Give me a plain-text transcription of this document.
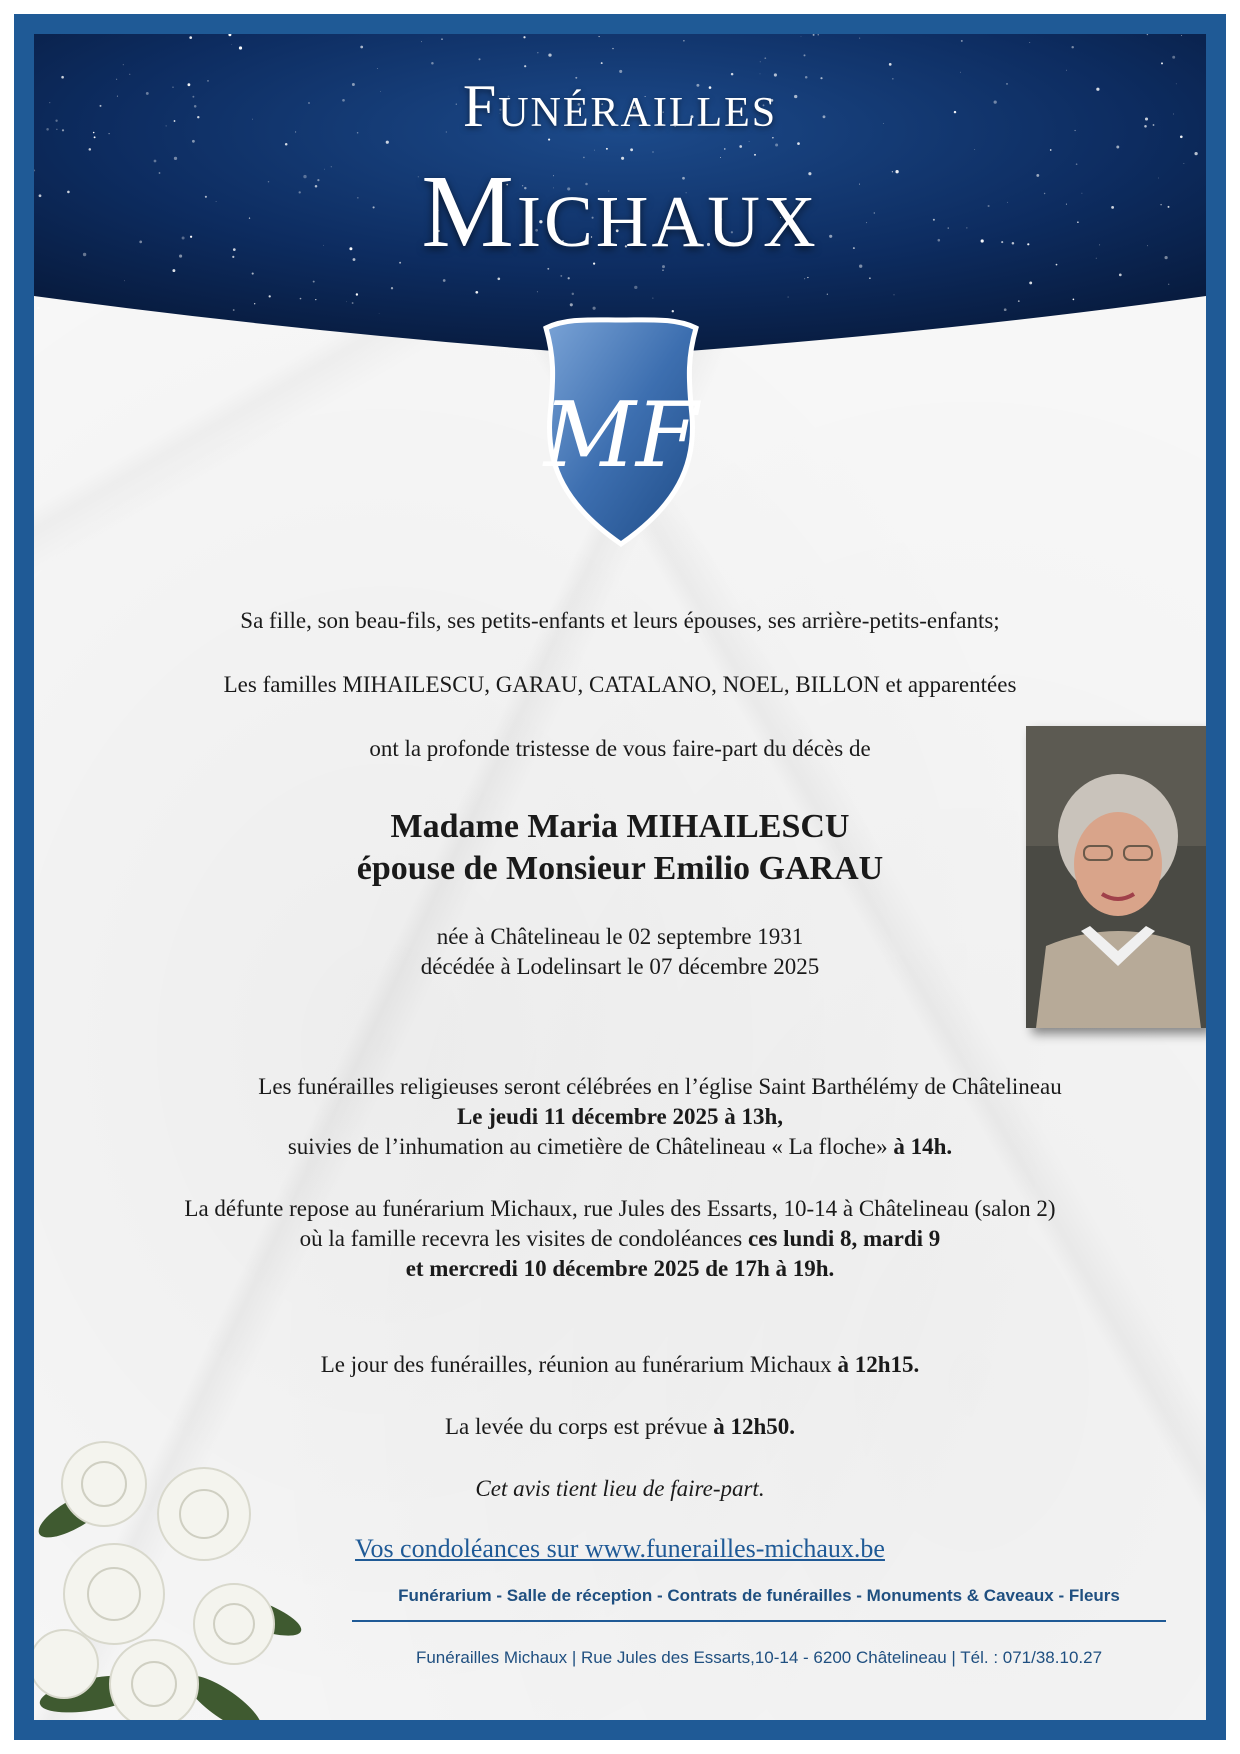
Funérailles
Michaux
MF
Sa fille, son beau-fils, ses petits-enfants et leurs épouses, ses arrière-petits-enfants;
Les familles MIHAILESCU, GARAU, CATALANO, NOEL, BILLON et apparentées
ont la profonde tristesse de vous faire-part du décès de
Madame Maria MIHAILESCU
épouse de Monsieur Emilio GARAU
née à Châtelineau le 02 septembre 1931
décédée à Lodelinsart le 07 décembre 2025
Les funérailles religieuses seront célébrées en l’église Saint Barthélémy de Châtelineau
Le jeudi 11 décembre 2025 à 13h,
suivies de l’inhumation au cimetière de Châtelineau « La floche» à 14h.
La défunte repose au funérarium Michaux, rue Jules des Essarts, 10-14 à Châtelineau (salon 2)
où la famille recevra les visites de condoléances ces lundi 8, mardi 9
et mercredi 10 décembre 2025 de 17h à 19h.
Le jour des funérailles, réunion au funérarium Michaux à 12h15.
La levée du corps est prévue à 12h50.
Cet avis tient lieu de faire-part.
Vos condoléances sur www.funerailles-michaux.be
Funérarium - Salle de réception - Contrats de funérailles - Monuments & Caveaux - Fleurs
Funérailles Michaux | Rue Jules des Essarts,10-14 - 6200 Châtelineau | Tél. : 071/38.10.27
